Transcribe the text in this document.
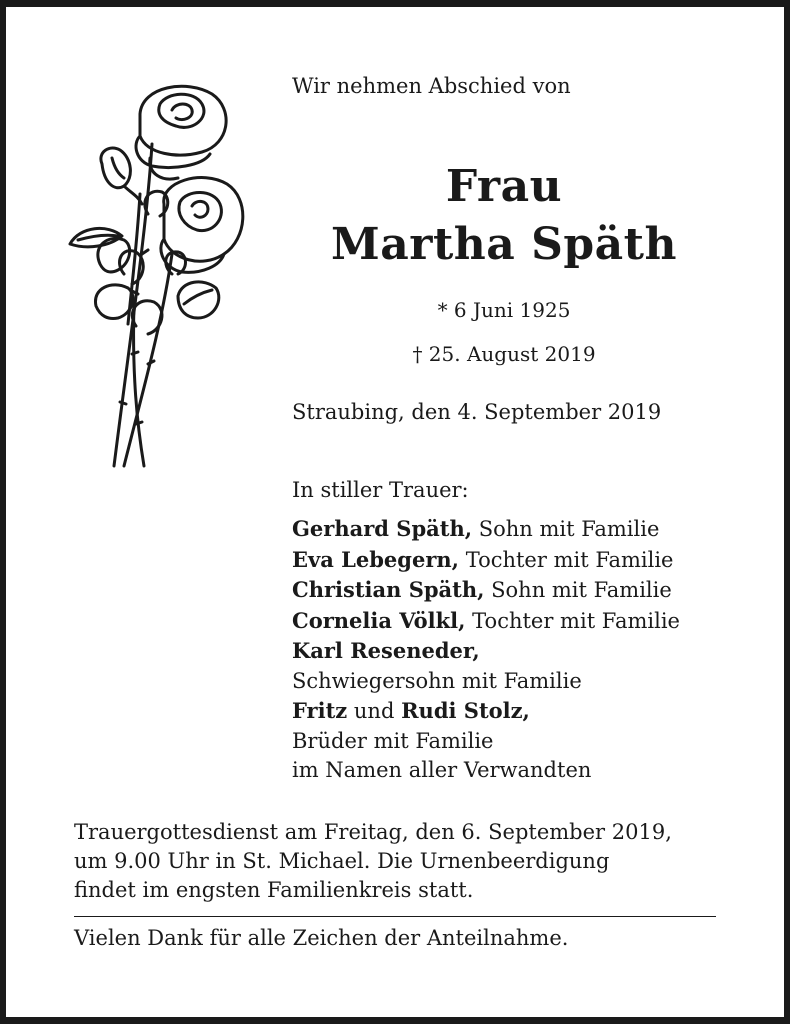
Wir nehmen Abschied von
Frau
Martha Späth
* 6 Juni 1925
† 25. August 2019
Straubing, den 4. September 2019
In stiller Trauer:
Gerhard Späth, Sohn mit Familie
Eva Lebegern, Tochter mit Familie
Christian Späth, Sohn mit Familie
Cornelia Völkl, Tochter mit Familie
Karl Reseneder,
Schwiegersohn mit Familie
Fritz und Rudi Stolz,
Brüder mit Familie
im Namen aller Verwandten
Trauergottesdienst am Freitag, den 6. September 2019,
um 9.00 Uhr in St. Michael. Die Urnenbeerdigung
findet im engsten Familienkreis statt.
Vielen Dank für alle Zeichen der Anteilnahme.
